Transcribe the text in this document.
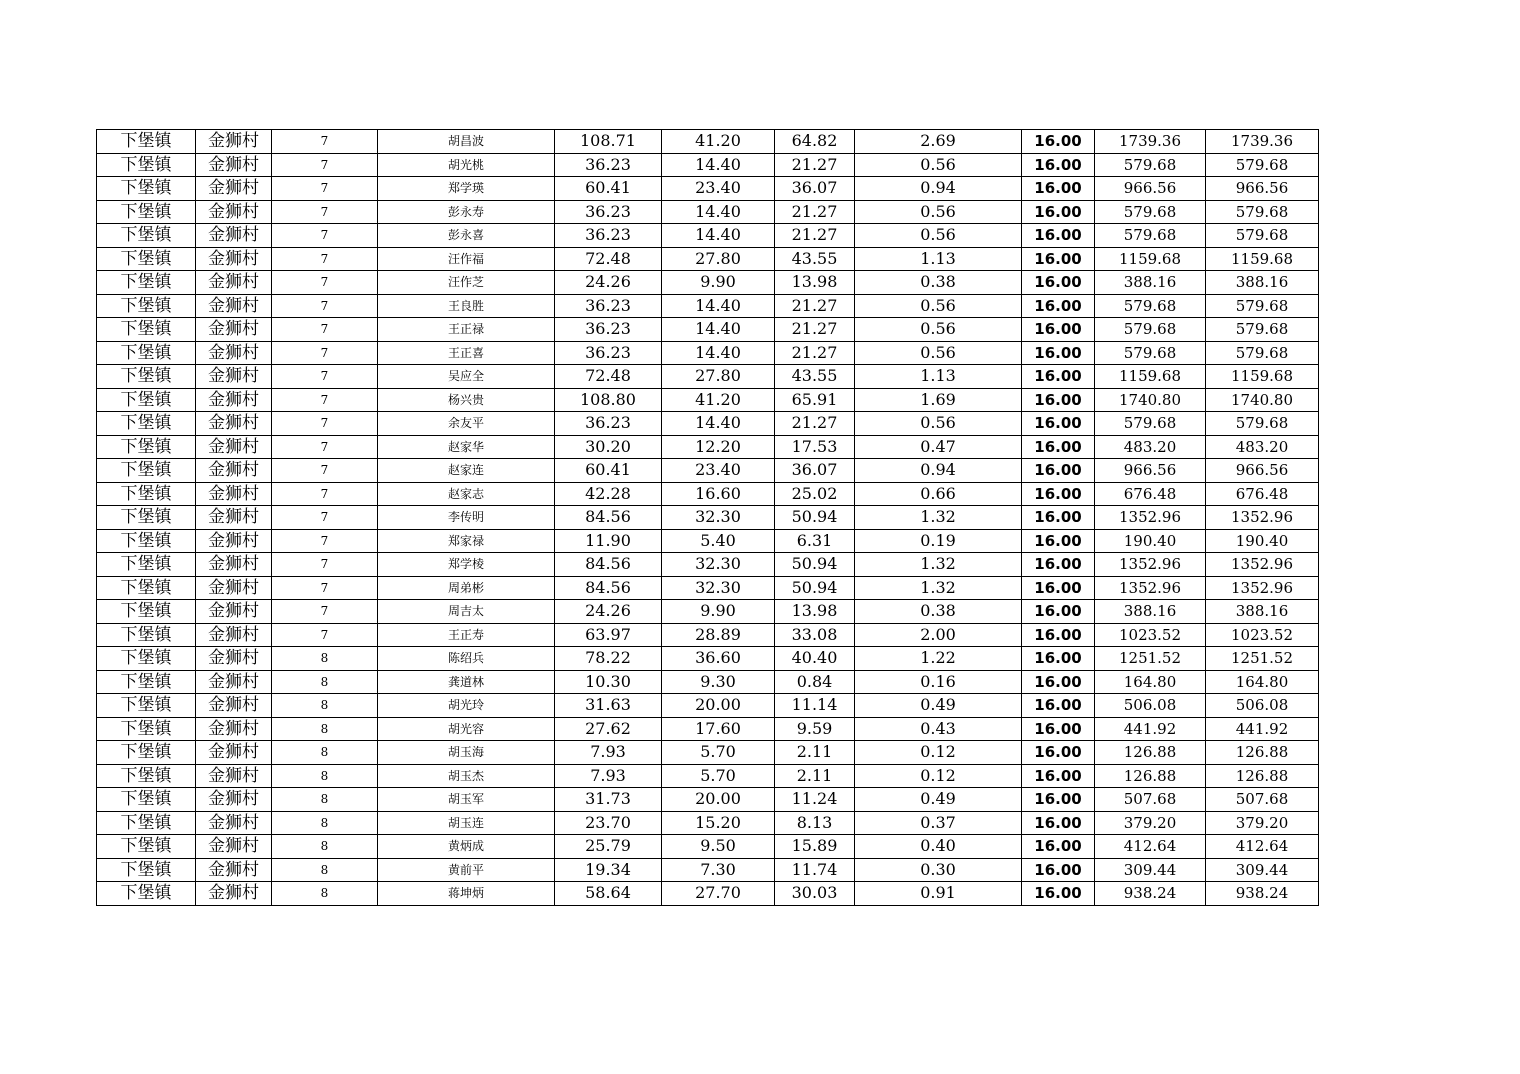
下堡镇	金狮村	7	胡昌波	108.71	41.20	64.82	2.69	16.00	1739.36	1739.36
下堡镇	金狮村	7	胡光桃	36.23	14.40	21.27	0.56	16.00	579.68	579.68
下堡镇	金狮村	7	郑学瑛	60.41	23.40	36.07	0.94	16.00	966.56	966.56
下堡镇	金狮村	7	彭永寿	36.23	14.40	21.27	0.56	16.00	579.68	579.68
下堡镇	金狮村	7	彭永喜	36.23	14.40	21.27	0.56	16.00	579.68	579.68
下堡镇	金狮村	7	汪作福	72.48	27.80	43.55	1.13	16.00	1159.68	1159.68
下堡镇	金狮村	7	汪作芝	24.26	9.90	13.98	0.38	16.00	388.16	388.16
下堡镇	金狮村	7	王良胜	36.23	14.40	21.27	0.56	16.00	579.68	579.68
下堡镇	金狮村	7	王正禄	36.23	14.40	21.27	0.56	16.00	579.68	579.68
下堡镇	金狮村	7	王正喜	36.23	14.40	21.27	0.56	16.00	579.68	579.68
下堡镇	金狮村	7	吴应全	72.48	27.80	43.55	1.13	16.00	1159.68	1159.68
下堡镇	金狮村	7	杨兴贵	108.80	41.20	65.91	1.69	16.00	1740.80	1740.80
下堡镇	金狮村	7	余友平	36.23	14.40	21.27	0.56	16.00	579.68	579.68
下堡镇	金狮村	7	赵家华	30.20	12.20	17.53	0.47	16.00	483.20	483.20
下堡镇	金狮村	7	赵家连	60.41	23.40	36.07	0.94	16.00	966.56	966.56
下堡镇	金狮村	7	赵家志	42.28	16.60	25.02	0.66	16.00	676.48	676.48
下堡镇	金狮村	7	李传明	84.56	32.30	50.94	1.32	16.00	1352.96	1352.96
下堡镇	金狮村	7	郑家禄	11.90	5.40	6.31	0.19	16.00	190.40	190.40
下堡镇	金狮村	7	郑学棱	84.56	32.30	50.94	1.32	16.00	1352.96	1352.96
下堡镇	金狮村	7	周弟彬	84.56	32.30	50.94	1.32	16.00	1352.96	1352.96
下堡镇	金狮村	7	周吉太	24.26	9.90	13.98	0.38	16.00	388.16	388.16
下堡镇	金狮村	7	王正寿	63.97	28.89	33.08	2.00	16.00	1023.52	1023.52
下堡镇	金狮村	8	陈绍兵	78.22	36.60	40.40	1.22	16.00	1251.52	1251.52
下堡镇	金狮村	8	龚道林	10.30	9.30	0.84	0.16	16.00	164.80	164.80
下堡镇	金狮村	8	胡光玲	31.63	20.00	11.14	0.49	16.00	506.08	506.08
下堡镇	金狮村	8	胡光容	27.62	17.60	9.59	0.43	16.00	441.92	441.92
下堡镇	金狮村	8	胡玉海	7.93	5.70	2.11	0.12	16.00	126.88	126.88
下堡镇	金狮村	8	胡玉杰	7.93	5.70	2.11	0.12	16.00	126.88	126.88
下堡镇	金狮村	8	胡玉军	31.73	20.00	11.24	0.49	16.00	507.68	507.68
下堡镇	金狮村	8	胡玉连	23.70	15.20	8.13	0.37	16.00	379.20	379.20
下堡镇	金狮村	8	黄炳成	25.79	9.50	15.89	0.40	16.00	412.64	412.64
下堡镇	金狮村	8	黄前平	19.34	7.30	11.74	0.30	16.00	309.44	309.44
下堡镇	金狮村	8	蒋坤炳	58.64	27.70	30.03	0.91	16.00	938.24	938.24
